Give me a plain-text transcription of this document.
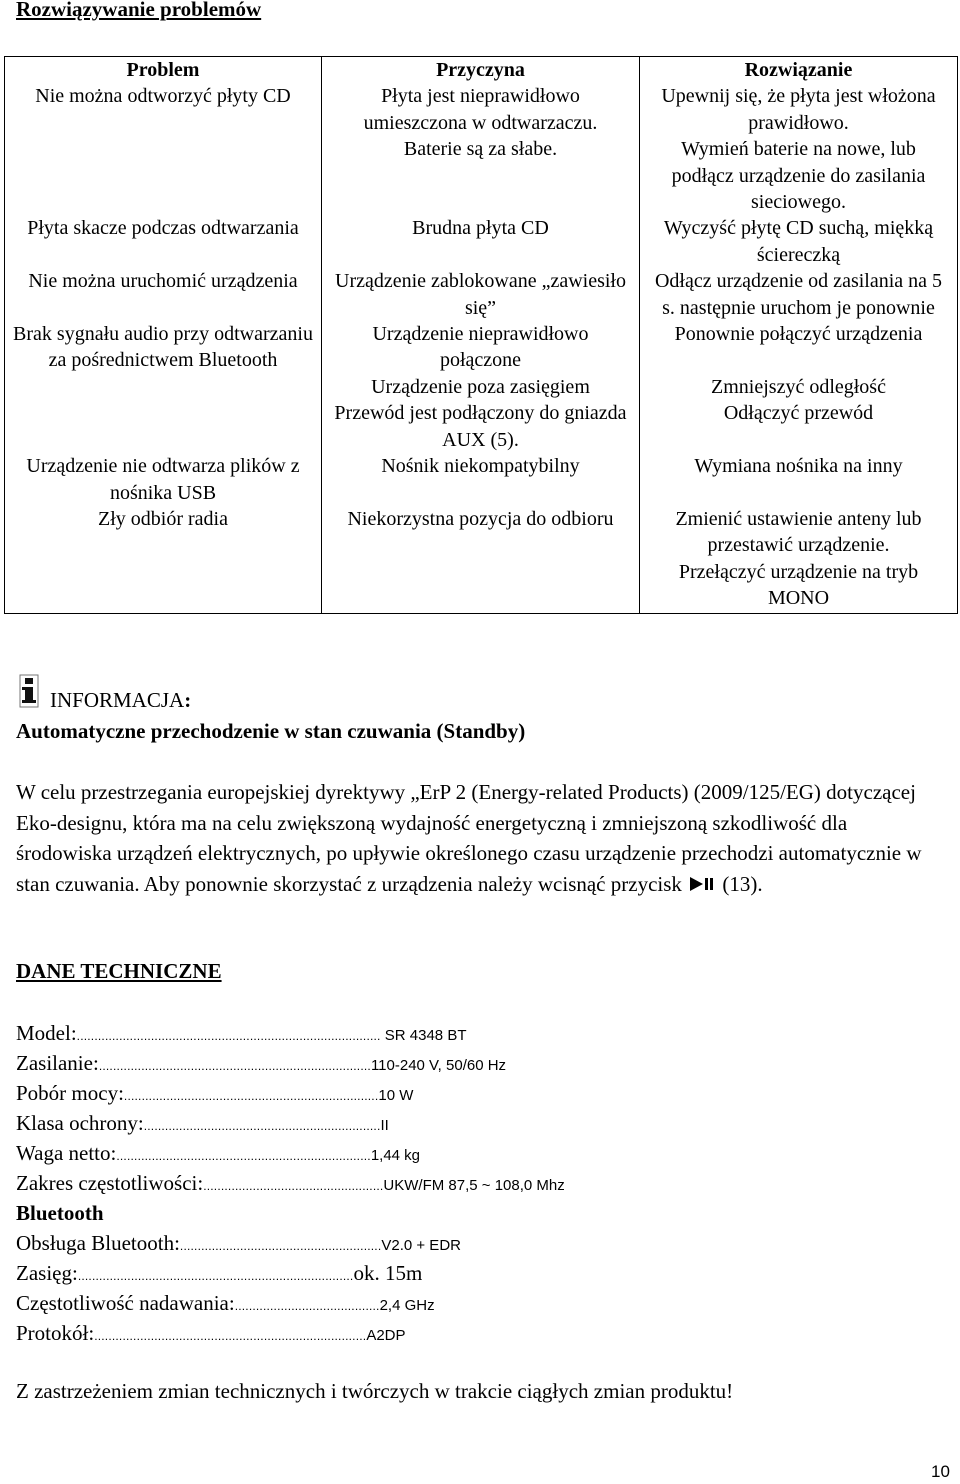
Rozwiązywanie problemów
Problem	Przyczyna	Rozwiązanie
Nie można odtworzyć płyty CD	Płyta jest nieprawidłowo umieszczona w odtwarzaczu.	Upewnij się, że płyta jest włożona prawidłowo.
	Baterie są za słabe.	Wymień baterie na nowe, lub podłącz urządzenie do zasilania sieciowego.
Płyta skacze podczas odtwarzania	Brudna płyta CD	Wyczyść płytę CD suchą, miękką ściereczką
Nie można uruchomić urządzenia	Urządzenie zablokowane „zawiesiło się”	Odłącz urządzenie od zasilania na 5 s. następnie uruchom je ponownie
Brak sygnału audio przy odtwarzaniu za pośrednictwem Bluetooth	Urządzenie nieprawidłowo połączone	Ponownie połączyć urządzenia
	Urządzenie poza zasięgiem	Zmniejszyć odległość
	Przewód jest podłączony do gniazda AUX (5).	Odłączyć przewód
Urządzenie nie odtwarza plików z nośnika USB	Nośnik niekompatybilny	Wymiana nośnika na inny
Zły odbiór radia	Niekorzystna pozycja do odbioru	Zmienić ustawienie anteny lub przestawić urządzenie.
		Przełączyć urządzenie na tryb MONO
INFORMACJA:
Automatyczne przechodzenie w stan czuwania (Standby)

W celu przestrzegania europejskiej dyrektywy „ErP 2 (Energy-related Products) (2009/125/EG) dotyczącej Eko-designu, która ma na celu zwiększoną wydajność energetyczną i zmniejszoną szkodliwość dla środowiska urządzeń elektrycznych, po upływie określonego czasu urządzenie przechodzi automatycznie w stan czuwania. Aby ponownie skorzystać z urządzenia należy wcisnąć przycisk (13).

DANE TECHNICZNE
Model:...................................................................................... SR 4348 BT
Zasilanie:.............................................................................110-240 V, 50/60 Hz
Pobór mocy:........................................................................10 W
Klasa ochrony:...................................................................II
Waga netto:........................................................................1,44 kg
Zakres częstotliwości:...................................................UKW/FM 87,5 ~ 108,0 Mhz
Bluetooth
Obsługa Bluetooth:.........................................................V2.0 + EDR
Zasięg:..............................................................................ok. 15m
Częstotliwość nadawania:.........................................2,4 GHz
Protokół:.............................................................................A2DP
Z zastrzeżeniem zmian technicznych i twórczych w trakcie ciągłych zmian produktu!
10
